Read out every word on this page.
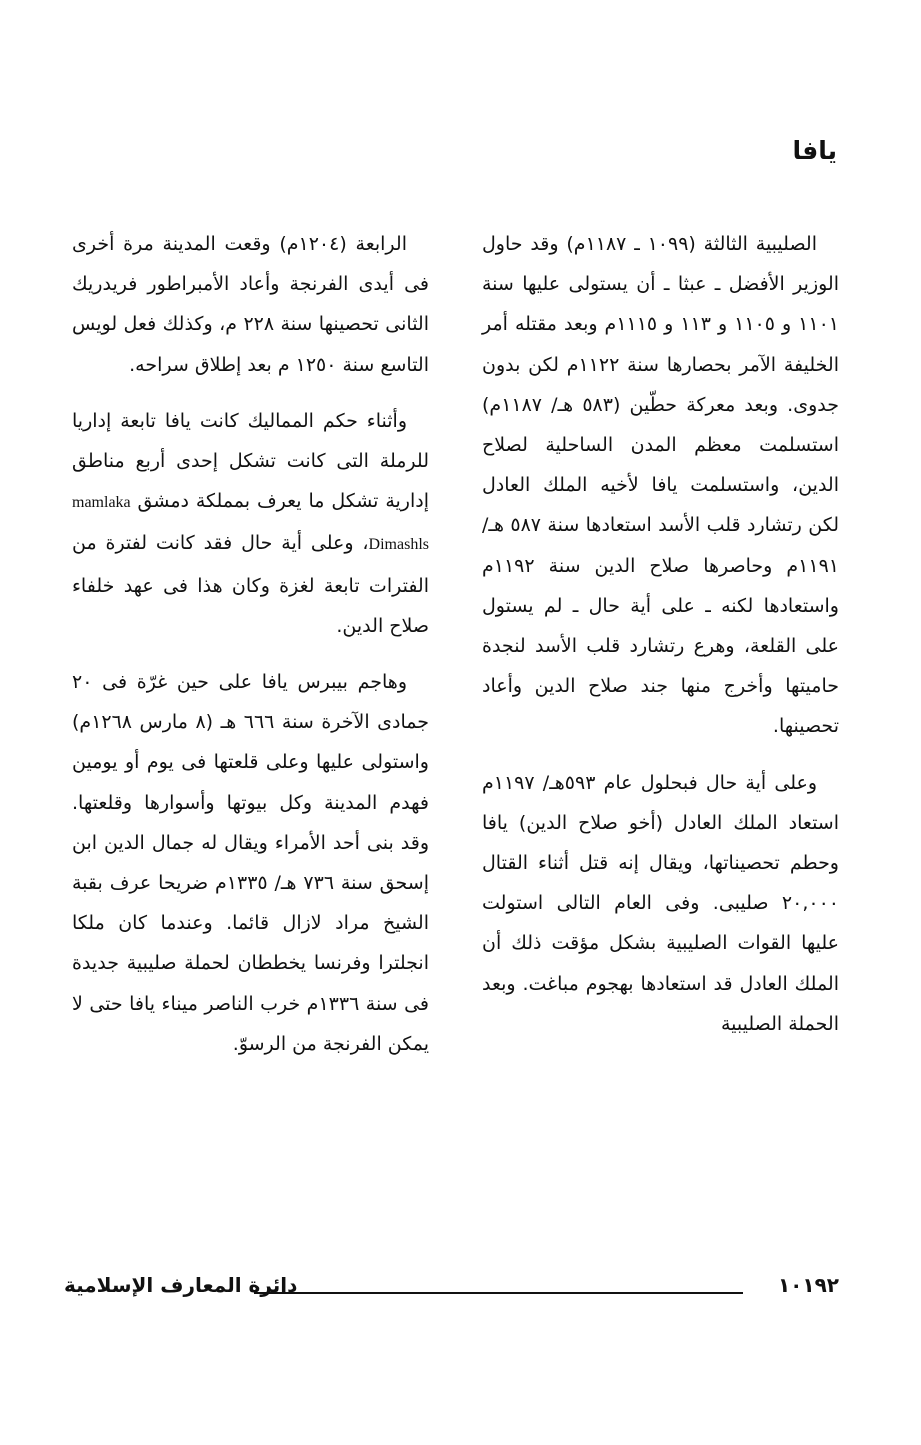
يافا

الصليبية الثالثة (١٠٩٩ ـ ١١٨٧م) وقد حاول الوزير الأفضل ـ عبثا ـ أن يستولى عليها سنة ١١٠١ و ١١٠٥ و ١١٣ و ١١١٥م وبعد مقتله أمر الخليفة الآمر بحصارها سنة ١١٢٢م لكن بدون جدوى. وبعد معركة حطّين (٥٨٣ هـ/ ١١٨٧م) استسلمت معظم المدن الساحلية لصلاح الدين، واستسلمت يافا لأخيه الملك العادل لكن رتشارد قلب الأسد استعادها سنة ٥٨٧ هـ/ ١١٩١م وحاصرها صلاح الدين سنة ١١٩٢م واستعادها لكنه ـ على أية حال ـ لم يستول على القلعة، وهرع رتشارد قلب الأسد لنجدة حاميتها وأخرج منها جند صلاح الدين وأعاد تحصينها.

وعلى أية حال فبحلول عام ٥٩٣هـ/ ١١٩٧م استعاد الملك العادل (أخو صلاح الدين) يافا وحطم تحصيناتها، ويقال إنه قتل أثناء القتال ٢٠,٠٠٠ صليبى. وفى العام التالى استولت عليها القوات الصليبية بشكل مؤقت ذلك أن الملك العادل قد استعادها بهجوم مباغت. وبعد الحملة الصليبية

الرابعة (١٢٠٤م) وقعت المدينة مرة أخرى فى أيدى الفرنجة وأعاد الأمبراطور فريدريك الثانى تحصينها سنة ٢٢٨ م، وكذلك فعل لويس التاسع سنة ١٢٥٠ م بعد إطلاق سراحه.

وأثناء حكم المماليك كانت يافا تابعة إداريا للرملة التى كانت تشكل إحدى أربع مناطق إدارية تشكل ما يعرف بمملكة دمشق mamlaka Dimashls، وعلى أية حال فقد كانت لفترة من الفترات تابعة لغزة وكان هذا فى عهد خلفاء صلاح الدين.

وهاجم بيبرس يافا على حين غرّة فى ٢٠ جمادى الآخرة سنة ٦٦٦ هـ (٨ مارس ١٢٦٨م) واستولى عليها وعلى قلعتها فى يوم أو يومين فهدم المدينة وكل بيوتها وأسوارها وقلعتها. وقد بنى أحد الأمراء ويقال له جمال الدين ابن إسحق سنة ٧٣٦ هـ/ ١٣٣٥م ضريحا عرف بقبة الشيخ مراد لازال قائما. وعندما كان ملكا انجلترا وفرنسا يخططان لحملة صليبية جديدة فى سنة ١٣٣٦م خرب الناصر ميناء يافا حتى لا يمكن الفرنجة من الرسوّ.

١٠١٩٢
دائرة المعارف الإسلامية
